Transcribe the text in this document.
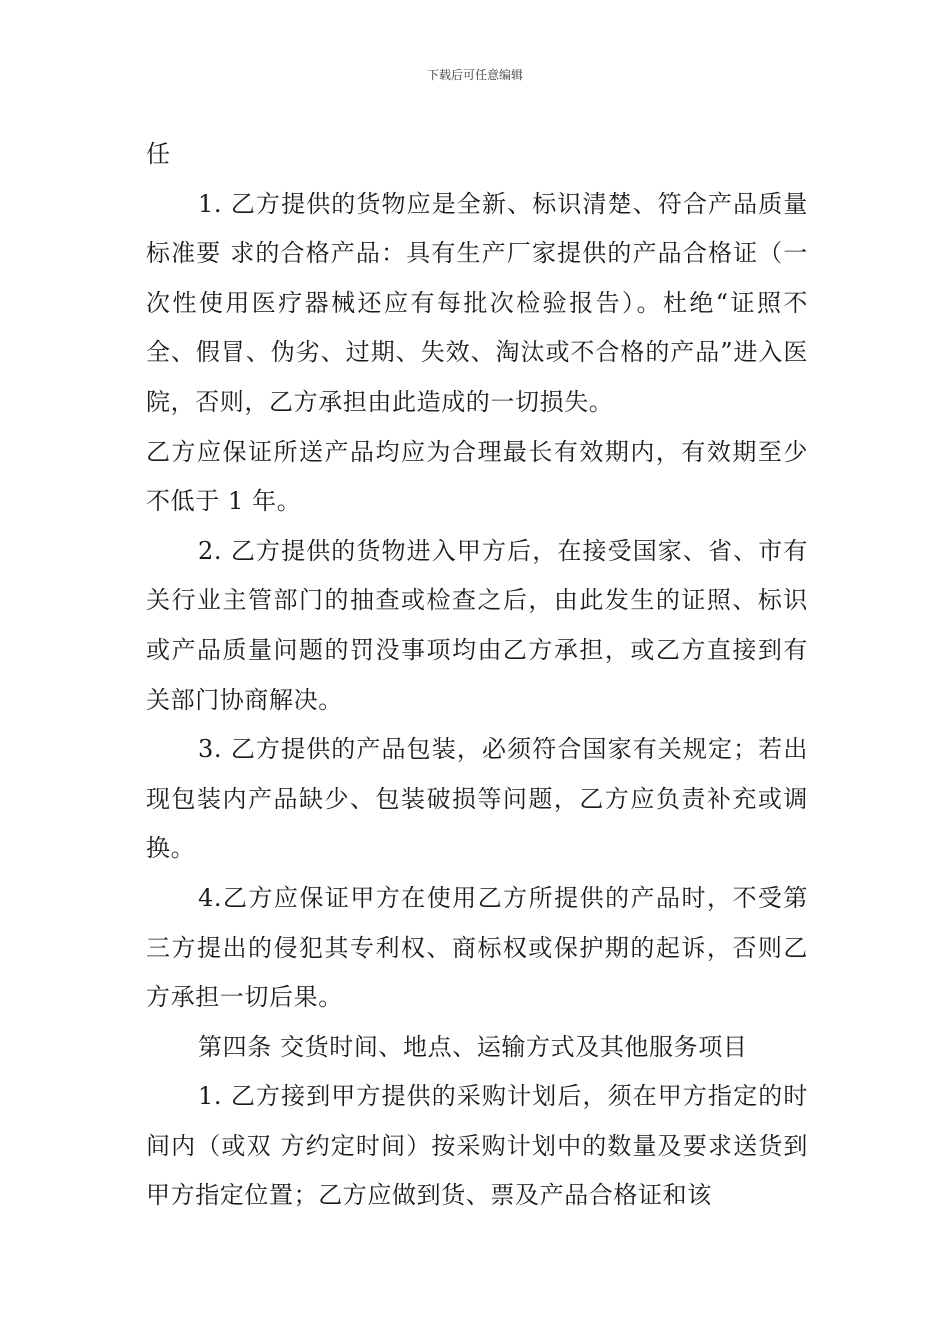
下载后可任意编辑

任

1. 乙方提供的货物应是全新、标识清楚、符合产品质量标准要 求的合格产品：具有生产厂家提供的产品合格证（一次性使用医疗器械还应有每批次检验报告）。杜绝“证照不全、假冒、伪劣、过期、失效、淘汰或不合格的产品”进入医院，否则，乙方承担由此造成的一切损失。

乙方应保证所送产品均应为合理最长有效期内，有效期至少不低于 1 年。

2. 乙方提供的货物进入甲方后，在接受国家、省、市有关行业主管部门的抽查或检查之后，由此发生的证照、标识或产品质量问题的罚没事项均由乙方承担，或乙方直接到有关部门协商解决。

3. 乙方提供的产品包装，必须符合国家有关规定；若出现包装内产品缺少、包装破损等问题，乙方应负责补充或调换。

4.乙方应保证甲方在使用乙方所提供的产品时，不受第三方提出的侵犯其专利权、商标权或保护期的起诉，否则乙方承担一切后果。

第四条 交货时间、地点、运输方式及其他服务项目

1. 乙方接到甲方提供的采购计划后，须在甲方指定的时间内（或双 方约定时间）按采购计划中的数量及要求送货到甲方指定位置；乙方应做到货、票及产品合格证和该
